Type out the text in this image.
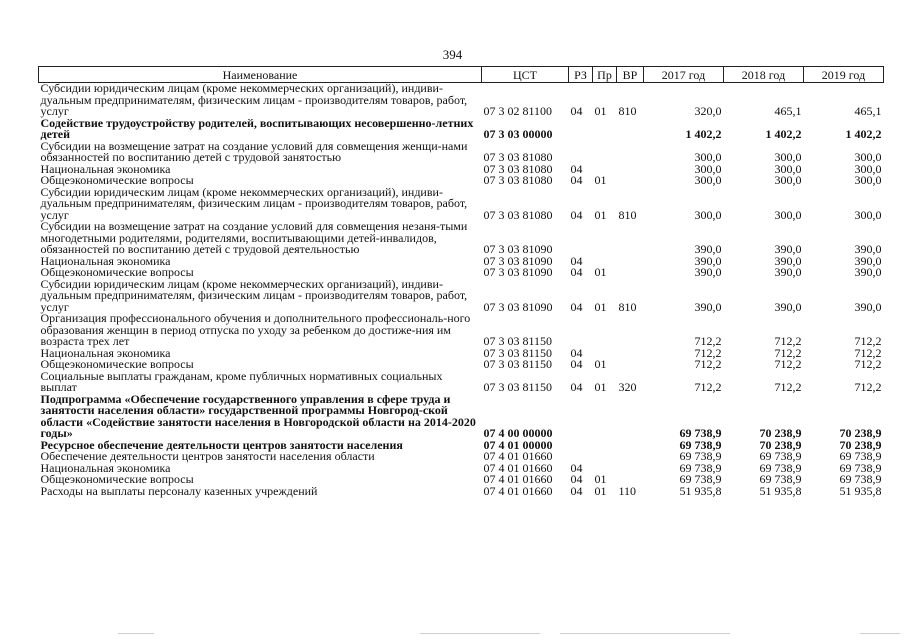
394
Наименование	ЦСТ	РЗ	Пр	ВР	2017 год	2018 год	2019 год
Субсидии юридическим лицам (кроме некоммерческих организаций), индиви-дуальным предпринимателям, физическим лицам - производителям товаров, работ, услуг	07 3 02 81100	04	01	810	320,0	465,1	465,1
Содействие трудоустройству родителей, воспитывающих несовершенно-летних детей	07 3 03 00000				1 402,2	1 402,2	1 402,2
Субсидии на возмещение затрат на создание условий для совмещения женщи-нами обязанностей по воспитанию детей с трудовой занятостью	07 3 03 81080				300,0	300,0	300,0
Национальная экономика	07 3 03 81080	04			300,0	300,0	300,0
Общеэкономические вопросы	07 3 03 81080	04	01		300,0	300,0	300,0
Субсидии юридическим лицам (кроме некоммерческих организаций), индиви-дуальным предпринимателям, физическим лицам - производителям товаров, работ, услуг	07 3 03 81080	04	01	810	300,0	300,0	300,0
Субсидии на возмещение затрат на создание условий для совмещения незаня-тыми многодетными родителями, родителями, воспитывающими детей-инвалидов, обязанностей по воспитанию детей с трудовой деятельностью	07 3 03 81090				390,0	390,0	390,0
Национальная экономика	07 3 03 81090	04			390,0	390,0	390,0
Общеэкономические вопросы	07 3 03 81090	04	01		390,0	390,0	390,0
Субсидии юридическим лицам (кроме некоммерческих организаций), индиви-дуальным предпринимателям, физическим лицам - производителям товаров, работ, услуг	07 3 03 81090	04	01	810	390,0	390,0	390,0
Организация профессионального обучения и дополнительного профессиональ-ного образования женщин в период отпуска по уходу за ребенком до достиже-ния им возраста трех лет	07 3 03 81150				712,2	712,2	712,2
Национальная экономика	07 3 03 81150	04			712,2	712,2	712,2
Общеэкономические вопросы	07 3 03 81150	04	01		712,2	712,2	712,2
Социальные выплаты гражданам, кроме публичных нормативных социальных выплат	07 3 03 81150	04	01	320	712,2	712,2	712,2
Подпрограмма «Обеспечение государственного управления в сфере труда и занятости населения области» государственной программы Новгород-ской области «Содействие занятости населения в Новгородской области на 2014-2020 годы»	07 4 00 00000				69 738,9	70 238,9	70 238,9
Ресурсное обеспечение деятельности центров занятости населения	07 4 01 00000				69 738,9	70 238,9	70 238,9
Обеспечение деятельности центров занятости населения области	07 4 01 01660				69 738,9	69 738,9	69 738,9
Национальная экономика	07 4 01 01660	04			69 738,9	69 738,9	69 738,9
Общеэкономические вопросы	07 4 01 01660	04	01		69 738,9	69 738,9	69 738,9
Расходы на выплаты персоналу казенных учреждений	07 4 01 01660	04	01	110	51 935,8	51 935,8	51 935,8
